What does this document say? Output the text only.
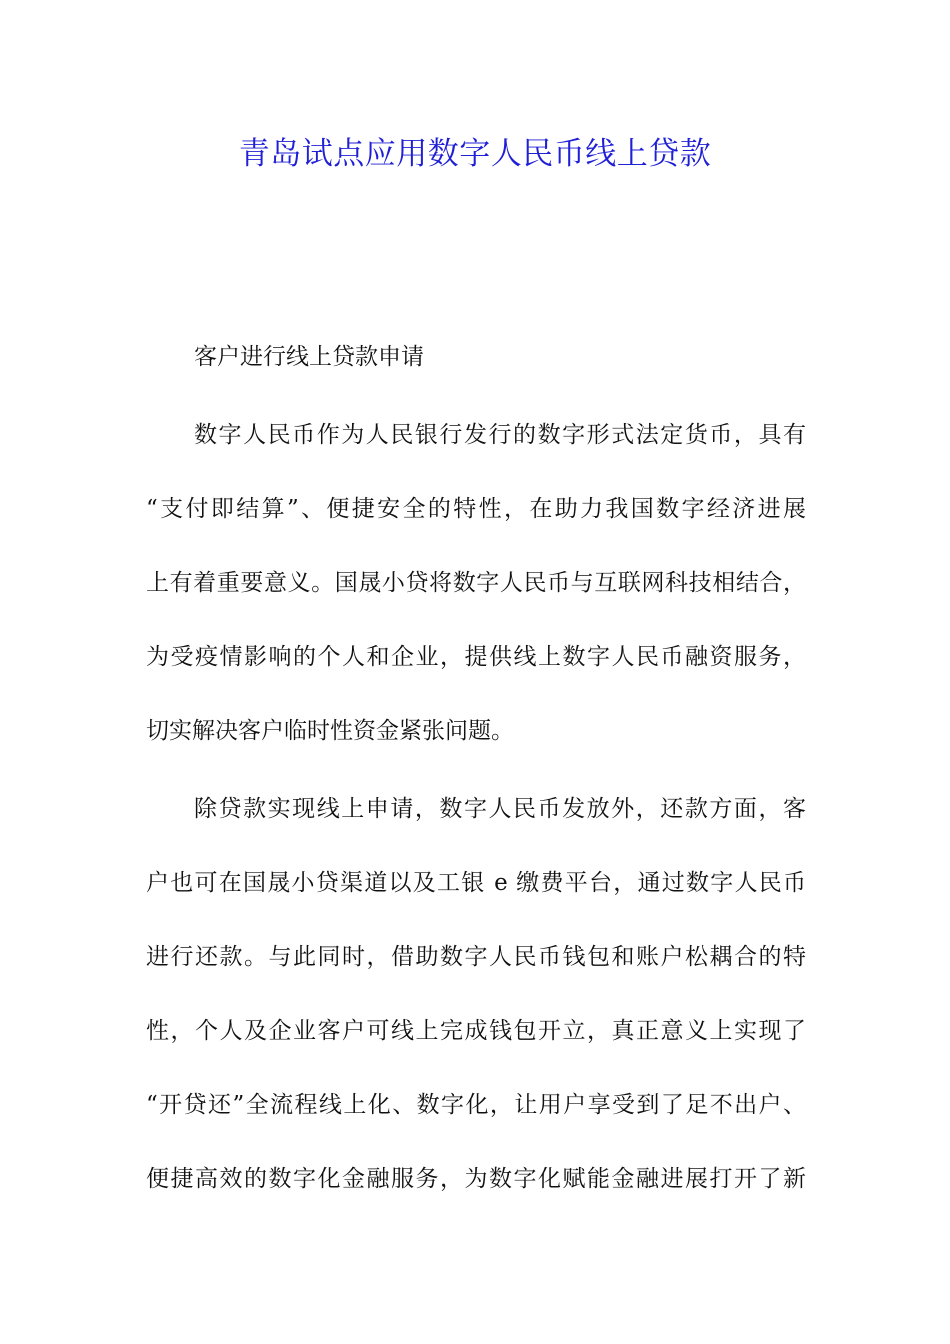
青岛试点应用数字人民币线上贷款

客户进行线上贷款申请

数字人民币作为人民银行发行的数字形式法定货币，具有

“支付即结算”、便捷安全的特性，在助力我国数字经济进展

上有着重要意义。国晟小贷将数字人民币与互联网科技相结合，

为受疫情影响的个人和企业，提供线上数字人民币融资服务，

切实解决客户临时性资金紧张问题。

除贷款实现线上申请，数字人民币发放外，还款方面，客

户也可在国晟小贷渠道以及工银 e 缴费平台，通过数字人民币

进行还款。与此同时，借助数字人民币钱包和账户松耦合的特

性，个人及企业客户可线上完成钱包开立，真正意义上实现了

“开贷还”全流程线上化、数字化，让用户享受到了足不出户、

便捷高效的数字化金融服务，为数字化赋能金融进展打开了新
